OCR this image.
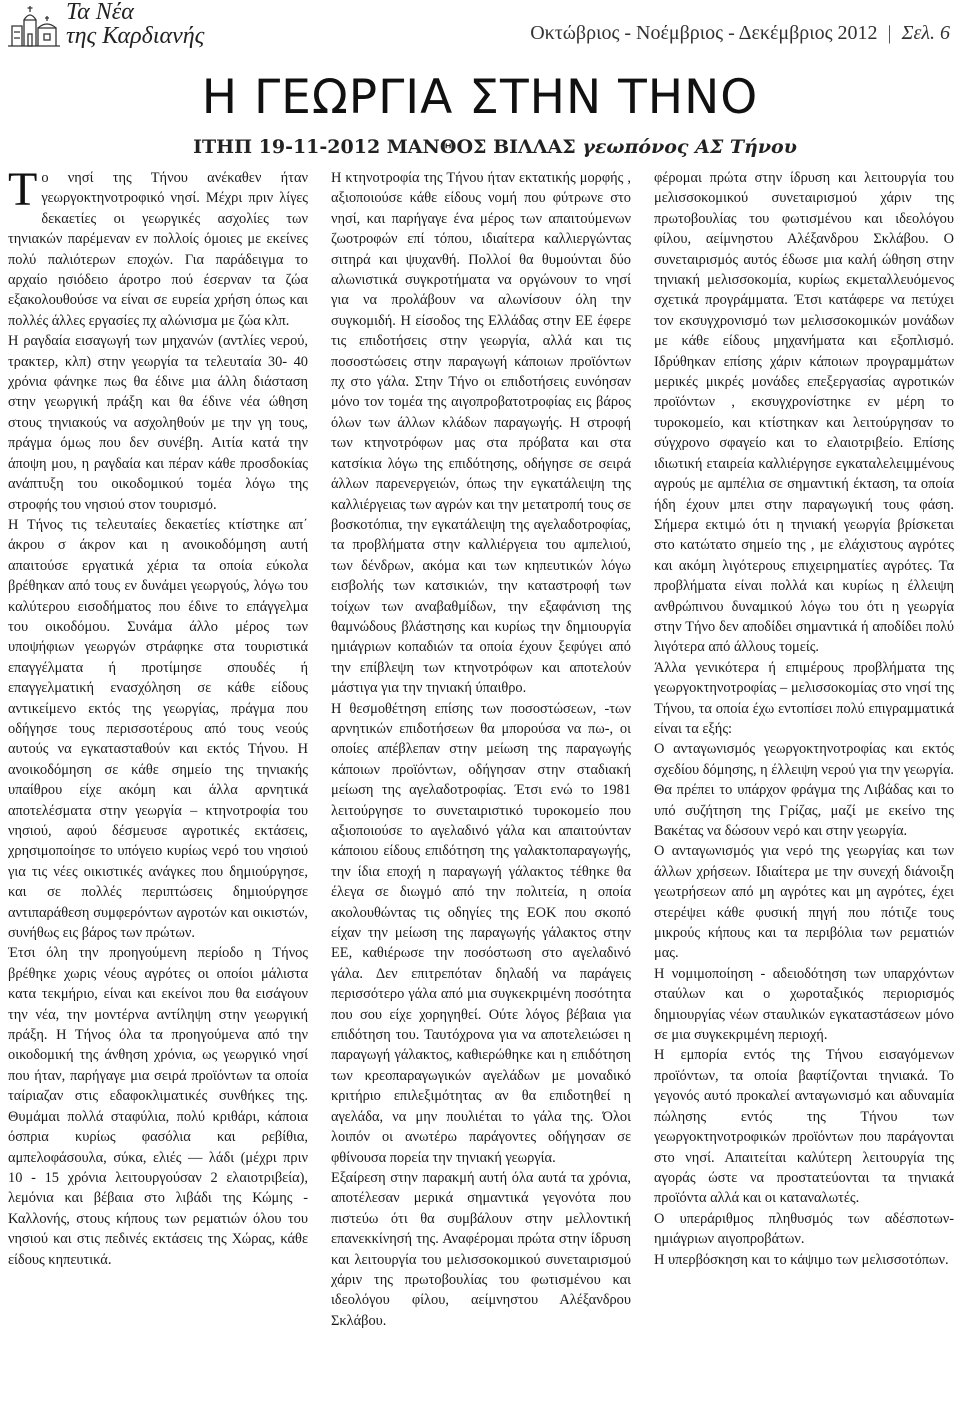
Τα Νέα
της Καρδιανής	Οκτώβριος - Νοέμβριος - Δεκέμβριος 2012 | Σελ. 6
Η ΓΕΩΡΓΙΑ ΣΤΗΝ ΤΗΝΟ
ΙΤΗΠ 19-11-2012 ΜΑΝΘΟΣ ΒΙΛΛΑΣ γεωπόνος ΑΣ Τήνου

Το νησί της Τήνου ανέκαθεν ήταν γεωργοκτηνοτροφικό νησί. Μέχρι πριν λίγες δεκαετίες οι γεωργικές ασχολίες των τηνιακών παρέμεναν εν πολλοίς όμοιες με εκείνες πολύ παλιότερων εποχών. Για παράδειγμα το αρχαίο ησιόδειο άροτρο πού έσερναν τα ζώα εξακολουθούσε να είναι σε ευρεία χρήση όπως και πολλές άλλες εργασίες πχ αλώνισμα με ζώα κλπ.

Η ραγδαία εισαγωγή των μηχανών (αντλίες νερού, τρακτερ, κλπ) στην γεωργία τα τελευταία 30- 40 χρόνια φάνηκε πως θα έδινε μια άλλη διάσταση στην γεωργική πράξη και θα έδινε νέα ώθηση στους τηνιακούς να ασχοληθούν με την γη τους, πράγμα όμως που δεν συνέβη. Αιτία κατά την άποψη μου, η ραγδαία και πέραν κάθε προσδοκίας ανάπτυξη του οικοδομικού τομέα λόγω της στροφής του νησιού στον τουρισμό.

Η Τήνος τις τελευταίες δεκαετίες κτίστηκε απ΄ άκρου σ άκρον και η ανοικοδόμηση αυτή απαιτούσε εργατικά χέρια τα οποία εύκολα βρέθηκαν από τους εν δυνάμει γεωργούς, λόγω του καλύτερου εισοδήματος που έδινε το επάγγελμα του οικοδόμου. Συνάμα άλλο μέρος των υποψήφιων γεωργών στράφηκε στα τουριστικά επαγγέλματα ή προτίμησε σπουδές ή επαγγελματική ενασχόληση σε κάθε είδους αντικείμενο εκτός της γεωργίας, πράγμα που οδήγησε τους περισσοτέρους από τους νεούς αυτούς να εγκατασταθούν και εκτός Τήνου. Η ανοικοδόμηση σε κάθε σημείο της τηνιακής υπαίθρου είχε ακόμη και άλλα αρνητικά αποτελέσματα στην γεωργία – κτηνοτροφία του νησιού, αφού δέσμευσε αγροτικές εκτάσεις, χρησιμοποίησε το υπόγειο κυρίως νερό του νησιού για τις νέες οικιστικές ανάγκες που δημιούργησε, και σε πολλές περιπτώσεις δημιούργησε αντιπαράθεση συμφερόντων αγροτών και οικιστών, συνήθως εις βάρος των πρώτων.

Έτσι όλη την προηγούμενη περίοδο η Τήνος βρέθηκε χωρις νέους αγρότες οι οποίοι μάλιστα κατα τεκμήριο, είναι και εκείνοι που θα εισάγουν την νέα, την μοντέρνα αντίληψη στην γεωργική πράξη. Η Τήνος όλα τα προηγούμενα από την οικοδομική της άνθηση χρόνια, ως γεωργικό νησί που ήταν, παρήγαγε μια σειρά προϊόντων τα οποία ταίριαζαν στις εδαφοκλιματικές συνθήκες της. Θυμάμαι πολλά σταφύλια, πολύ κριθάρι, κάποια όσπρια κυρίως φασόλια και ρεβίθια, αμπελοφάσουλα, σύκα, ελιές — λάδι (μέχρι πριν 10 - 15 χρόνια λειτουργούσαν 2 ελαιοτριβεία), λεμόνια και βέβαια στο λιβάδι της Κώμης - Καλλονής, στους κήπους των ρεματιών όλου του νησιού και στις πεδινές εκτάσεις της Χώρας, κάθε είδους κηπευτικά.

Η κτηνοτροφία της Τήνου ήταν εκτατικής μορφής , αξιοποιούσε κάθε είδους νομή που φύτρωνε στο νησί, και παρήγαγε ένα μέρος των απαιτούμενων ζωοτροφών επί τόπου, ιδιαίτερα καλλιεργώντας σιτηρά και ψυχανθή. Πολλοί θα θυμούνται δύο αλωνιστικά συγκροτήματα να οργώνουν το νησί για να προλάβουν να αλωνίσουν όλη την συγκομιδή. Η είσοδος της Ελλάδας στην ΕΕ έφερε τις επιδοτήσεις στην γεωργία, αλλά και τις ποσοστώσεις στην παραγωγή κάποιων προϊόντων πχ στο γάλα. Στην Τήνο οι επιδοτήσεις ευνόησαν μόνο τον τομέα της αιγοπροβατοτροφίας εις βάρος όλων των άλλων κλάδων παραγωγής. Η στροφή των κτηνοτρόφων μας στα πρόβατα και στα κατσίκια λόγω της επιδότησης, οδήγησε σε σειρά άλλων παρενεργειών, όπως την εγκατάλειψη της καλλιέργειας των αγρών και την μετατροπή τους σε βοσκοτόπια, την εγκατάλειψη της αγελαδοτροφίας, τα προβλήματα στην καλλιέργεια του αμπελιού, των δένδρων, ακόμα και των κηπευτικών λόγω εισβολής των κατσικιών, την καταστροφή των τοίχων των αναβαθμίδων, την εξαφάνιση της θαμνώδους βλάστησης και κυρίως την δημιουργία ημιάγριων κοπαδιών τα οποία έχουν ξεφύγει από την επίβλεψη των κτηνοτρόφων και αποτελούν μάστιγα για την τηνιακή ύπαιθρο.

Η θεσμοθέτηση επίσης των ποσοστώσεων, -των αρνητικών επιδοτήσεων θα μπορούσα να πω-, οι οποίες απέβλεπαν στην μείωση της παραγωγής κάποιων προϊόντων, οδήγησαν στην σταδιακή μείωση της αγελαδοτροφίας. Έτσι ενώ το 1981 λειτούργησε το συνεταιριστικό τυροκομείο που αξιοποιούσε το αγελαδινό γάλα και απαιτούνταν κάποιου είδους επιδότηση της γαλακτοπαραγωγής, την ίδια εποχή η παραγωγή γάλακτος τέθηκε θα έλεγα σε διωγμό από την πολιτεία, η οποία ακολουθώντας τις οδηγίες της ΕΟΚ που σκοπό είχαν την μείωση της παραγωγής γάλακτος στην ΕΕ, καθιέρωσε την ποσόστωση στο αγελαδινό γάλα. Δεν επιτρεπόταν δηλαδή να παράγεις περισσότερο γάλα από μια συγκεκριμένη ποσότητα που σου είχε χορηγηθεί. Ούτε λόγος βέβαια για επιδότηση του. Ταυτόχρονα για να αποτελειώσει η παραγωγή γάλακτος, καθιερώθηκε και η επιδότηση των κρεοπαραγωγικών αγελάδων με μοναδικό κριτήριο επιλεξιμότητας αν θα επιδοτηθεί η αγελάδα, να μην πουλιέται το γάλα της. Όλοι λοιπόν οι ανωτέρω παράγοντες οδήγησαν σε φθίνουσα πορεία την τηνιακή γεωργία.

Εξαίρεση στην παρακμή αυτή όλα αυτά τα χρόνια, αποτέλεσαν μερικά σημαντικά γεγονότα που πιστεύω ότι θα συμβάλουν στην μελλοντική επανεκκίνησή της. Αναφέρομαι πρώτα στην ίδρυση και λειτουργία του μελισσοκομικού συνεταιρισμού χάριν της πρωτοβουλίας του φωτισμένου και ιδεολόγου φίλου, αείμνηστου Αλέξανδρου Σκλάβου.

φέρομαι πρώτα στην ίδρυση και λειτουργία του μελισσοκομικού συνεταιρισμού χάριν της πρωτοβουλίας του φωτισμένου και ιδεολόγου φίλου, αείμνηστου Αλέξανδρου Σκλάβου. Ο συνεταιρισμός αυτός έδωσε μια καλή ώθηση στην τηνιακή μελισσοκομία, κυρίως εκμεταλλευόμενος σχετικά προγράμματα. Έτσι κατάφερε να πετύχει τον εκσυγχρονισμό των μελισσοκομικών μονάδων με κάθε είδους μηχανήματα και εξοπλισμό. Ιδρύθηκαν επίσης χάριν κάποιων προγραμμάτων μερικές μικρές μονάδες επεξεργασίας αγροτικών προϊόντων , εκσυγχρονίστηκε εν μέρη το τυροκομείο, και κτίστηκαν και λειτούργησαν το σύγχρονο σφαγείο και το ελαιοτριβείο. Επίσης ιδιωτική εταιρεία καλλιέργησε εγκαταλελειμμένους αγρούς με αμπέλια σε σημαντική έκταση, τα οποία ήδη έχουν μπει στην παραγωγική τους φάση. Σήμερα εκτιμώ ότι η τηνιακή γεωργία βρίσκεται στο κατώτατο σημείο της , με ελάχιστους αγρότες και ακόμη λιγότερους επιχειρηματίες αγρότες. Τα προβλήματα είναι πολλά και κυρίως η έλλειψη ανθρώπινου δυναμικού λόγω του ότι η γεωργία στην Τήνο δεν αποδίδει σημαντικά ή αποδίδει πολύ λιγότερα από άλλους τομείς.

Άλλα γενικότερα ή επιμέρους προβλήματα της γεωργοκτηνοτροφίας – μελισσοκομίας στο νησί της Τήνου, τα οποία έχω εντοπίσει πολύ επιγραμματικά είναι τα εξής:

Ο ανταγωνισμός γεωργοκτηνοτροφίας και εκτός σχεδίου δόμησης, η έλλειψη νερού για την γεωργία. Θα πρέπει το υπάρχον φράγμα της Λιβάδας και το υπό συζήτηση της Γρίζας, μαζί με εκείνο της Βακέτας να δώσουν νερό και στην γεωργία.

Ο ανταγωνισμός για νερό της γεωργίας και των άλλων χρήσεων. Ιδιαίτερα με την συνεχή διάνοιξη γεωτρήσεων από μη αγρότες και μη αγρότες, έχει στερέψει κάθε φυσική πηγή που πότιζε τους μικρούς κήπους και τα περιβόλια των ρεματιών μας.

Η νομιμοποίηση - αδειοδότηση των υπαρχόντων σταύλων και ο χωροταξικός περιορισμός δημιουργίας νέων σταυλικών εγκαταστάσεων μόνο σε μια συγκεκριμένη περιοχή.

Η εμπορία εντός της Τήνου εισαγόμενων προϊόντων, τα οποία βαφτίζονται τηνιακά. Το γεγονός αυτό προκαλεί ανταγωνισμό και αδυναμία πώλησης εντός της Τήνου των γεωργοκτηνοτροφικών προϊόντων που παράγονται στο νησί. Απαιτείται καλύτερη λειτουργία της αγοράς ώστε να προστατεύονται τα τηνιακά προϊόντα αλλά και οι καταναλωτές.

Ο υπεράριθμος πληθυσμός των αδέσποτων- ημιάγριων αιγοπροβάτων.

Η υπερβόσκηση και το κάψιμο των μελισσοτόπων.
